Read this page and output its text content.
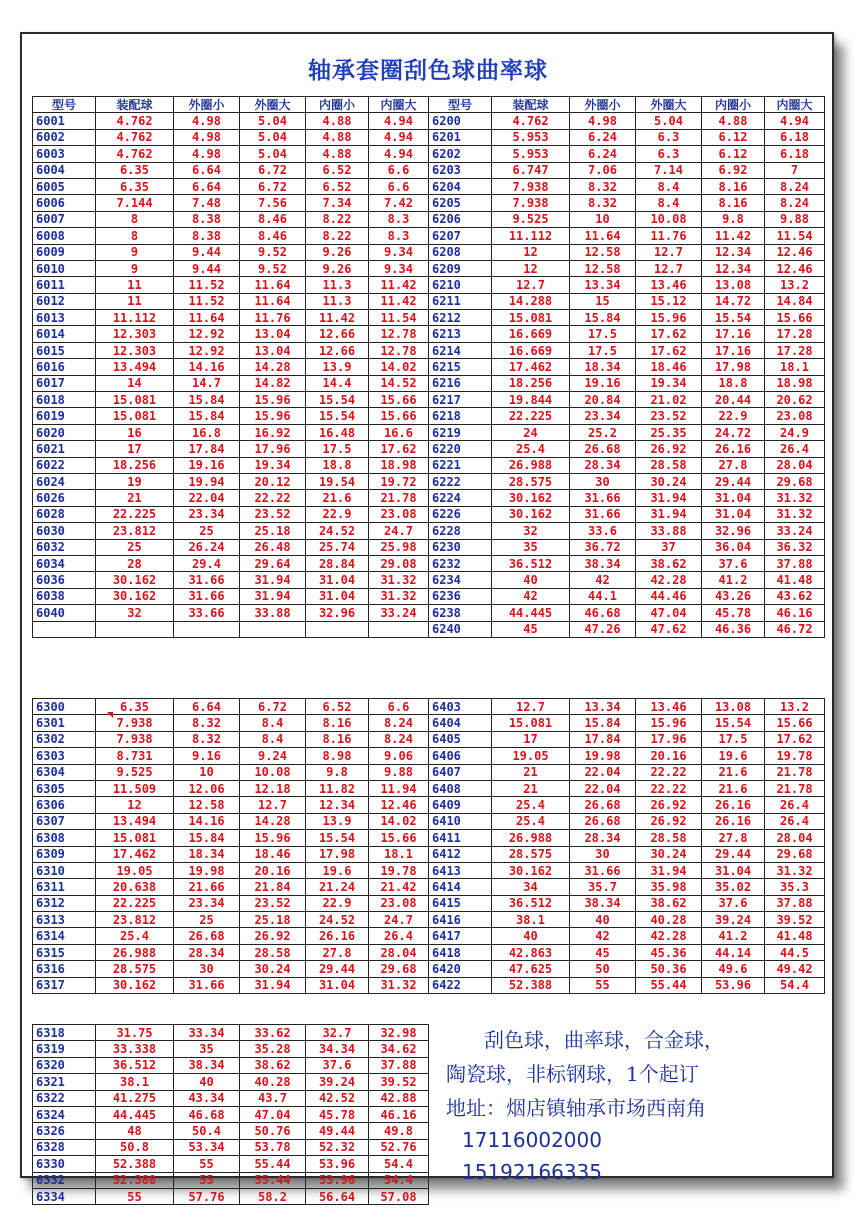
轴承套圈刮色球曲率球
型号	装配球	外圈小	外圈大	内圈小	内圈大	型号	装配球	外圈小	外圈大	内圈小	内圈大
6001	4.762	4.98	5.04	4.88	4.94	6200	4.762	4.98	5.04	4.88	4.94
6002	4.762	4.98	5.04	4.88	4.94	6201	5.953	6.24	6.3	6.12	6.18
6003	4.762	4.98	5.04	4.88	4.94	6202	5.953	6.24	6.3	6.12	6.18
6004	6.35	6.64	6.72	6.52	6.6	6203	6.747	7.06	7.14	6.92	7
6005	6.35	6.64	6.72	6.52	6.6	6204	7.938	8.32	8.4	8.16	8.24
6006	7.144	7.48	7.56	7.34	7.42	6205	7.938	8.32	8.4	8.16	8.24
6007	8	8.38	8.46	8.22	8.3	6206	9.525	10	10.08	9.8	9.88
6008	8	8.38	8.46	8.22	8.3	6207	11.112	11.64	11.76	11.42	11.54
6009	9	9.44	9.52	9.26	9.34	6208	12	12.58	12.7	12.34	12.46
6010	9	9.44	9.52	9.26	9.34	6209	12	12.58	12.7	12.34	12.46
6011	11	11.52	11.64	11.3	11.42	6210	12.7	13.34	13.46	13.08	13.2
6012	11	11.52	11.64	11.3	11.42	6211	14.288	15	15.12	14.72	14.84
6013	11.112	11.64	11.76	11.42	11.54	6212	15.081	15.84	15.96	15.54	15.66
6014	12.303	12.92	13.04	12.66	12.78	6213	16.669	17.5	17.62	17.16	17.28
6015	12.303	12.92	13.04	12.66	12.78	6214	16.669	17.5	17.62	17.16	17.28
6016	13.494	14.16	14.28	13.9	14.02	6215	17.462	18.34	18.46	17.98	18.1
6017	14	14.7	14.82	14.4	14.52	6216	18.256	19.16	19.34	18.8	18.98
6018	15.081	15.84	15.96	15.54	15.66	6217	19.844	20.84	21.02	20.44	20.62
6019	15.081	15.84	15.96	15.54	15.66	6218	22.225	23.34	23.52	22.9	23.08
6020	16	16.8	16.92	16.48	16.6	6219	24	25.2	25.35	24.72	24.9
6021	17	17.84	17.96	17.5	17.62	6220	25.4	26.68	26.92	26.16	26.4
6022	18.256	19.16	19.34	18.8	18.98	6221	26.988	28.34	28.58	27.8	28.04
6024	19	19.94	20.12	19.54	19.72	6222	28.575	30	30.24	29.44	29.68
6026	21	22.04	22.22	21.6	21.78	6224	30.162	31.66	31.94	31.04	31.32
6028	22.225	23.34	23.52	22.9	23.08	6226	30.162	31.66	31.94	31.04	31.32
6030	23.812	25	25.18	24.52	24.7	6228	32	33.6	33.88	32.96	33.24
6032	25	26.24	26.48	25.74	25.98	6230	35	36.72	37	36.04	36.32
6034	28	29.4	29.64	28.84	29.08	6232	36.512	38.34	38.62	37.6	37.88
6036	30.162	31.66	31.94	31.04	31.32	6234	40	42	42.28	41.2	41.48
6038	30.162	31.66	31.94	31.04	31.32	6236	42	44.1	44.46	43.26	43.62
6040	32	33.66	33.88	32.96	33.24	6238	44.445	46.68	47.04	45.78	46.16
						6240	45	47.26	47.62	46.36	46.72
6300	6.35	6.64	6.72	6.52	6.6	6403	12.7	13.34	13.46	13.08	13.2
6301	7.938	8.32	8.4	8.16	8.24	6404	15.081	15.84	15.96	15.54	15.66
6302	7.938	8.32	8.4	8.16	8.24	6405	17	17.84	17.96	17.5	17.62
6303	8.731	9.16	9.24	8.98	9.06	6406	19.05	19.98	20.16	19.6	19.78
6304	9.525	10	10.08	9.8	9.88	6407	21	22.04	22.22	21.6	21.78
6305	11.509	12.06	12.18	11.82	11.94	6408	21	22.04	22.22	21.6	21.78
6306	12	12.58	12.7	12.34	12.46	6409	25.4	26.68	26.92	26.16	26.4
6307	13.494	14.16	14.28	13.9	14.02	6410	25.4	26.68	26.92	26.16	26.4
6308	15.081	15.84	15.96	15.54	15.66	6411	26.988	28.34	28.58	27.8	28.04
6309	17.462	18.34	18.46	17.98	18.1	6412	28.575	30	30.24	29.44	29.68
6310	19.05	19.98	20.16	19.6	19.78	6413	30.162	31.66	31.94	31.04	31.32
6311	20.638	21.66	21.84	21.24	21.42	6414	34	35.7	35.98	35.02	35.3
6312	22.225	23.34	23.52	22.9	23.08	6415	36.512	38.34	38.62	37.6	37.88
6313	23.812	25	25.18	24.52	24.7	6416	38.1	40	40.28	39.24	39.52
6314	25.4	26.68	26.92	26.16	26.4	6417	40	42	42.28	41.2	41.48
6315	26.988	28.34	28.58	27.8	28.04	6418	42.863	45	45.36	44.14	44.5
6316	28.575	30	30.24	29.44	29.68	6420	47.625	50	50.36	49.6	49.42
6317	30.162	31.66	31.94	31.04	31.32	6422	52.388	55	55.44	53.96	54.4
6318	31.75	33.34	33.62	32.7	32.98
6319	33.338	35	35.28	34.34	34.62
6320	36.512	38.34	38.62	37.6	37.88
6321	38.1	40	40.28	39.24	39.52
6322	41.275	43.34	43.7	42.52	42.88
6324	44.445	46.68	47.04	45.78	46.16
6326	48	50.4	50.76	49.44	49.8
6328	50.8	53.34	53.78	52.32	52.76
6330	52.388	55	55.44	53.96	54.4
6332	52.388	55	55.44	53.96	54.4
6334	55	57.76	58.2	56.64	57.08
刮色球，曲率球，合金球，
陶瓷球，非标钢球，1个起订
地址：烟店镇轴承市场西南角
17116002000
15192166335
